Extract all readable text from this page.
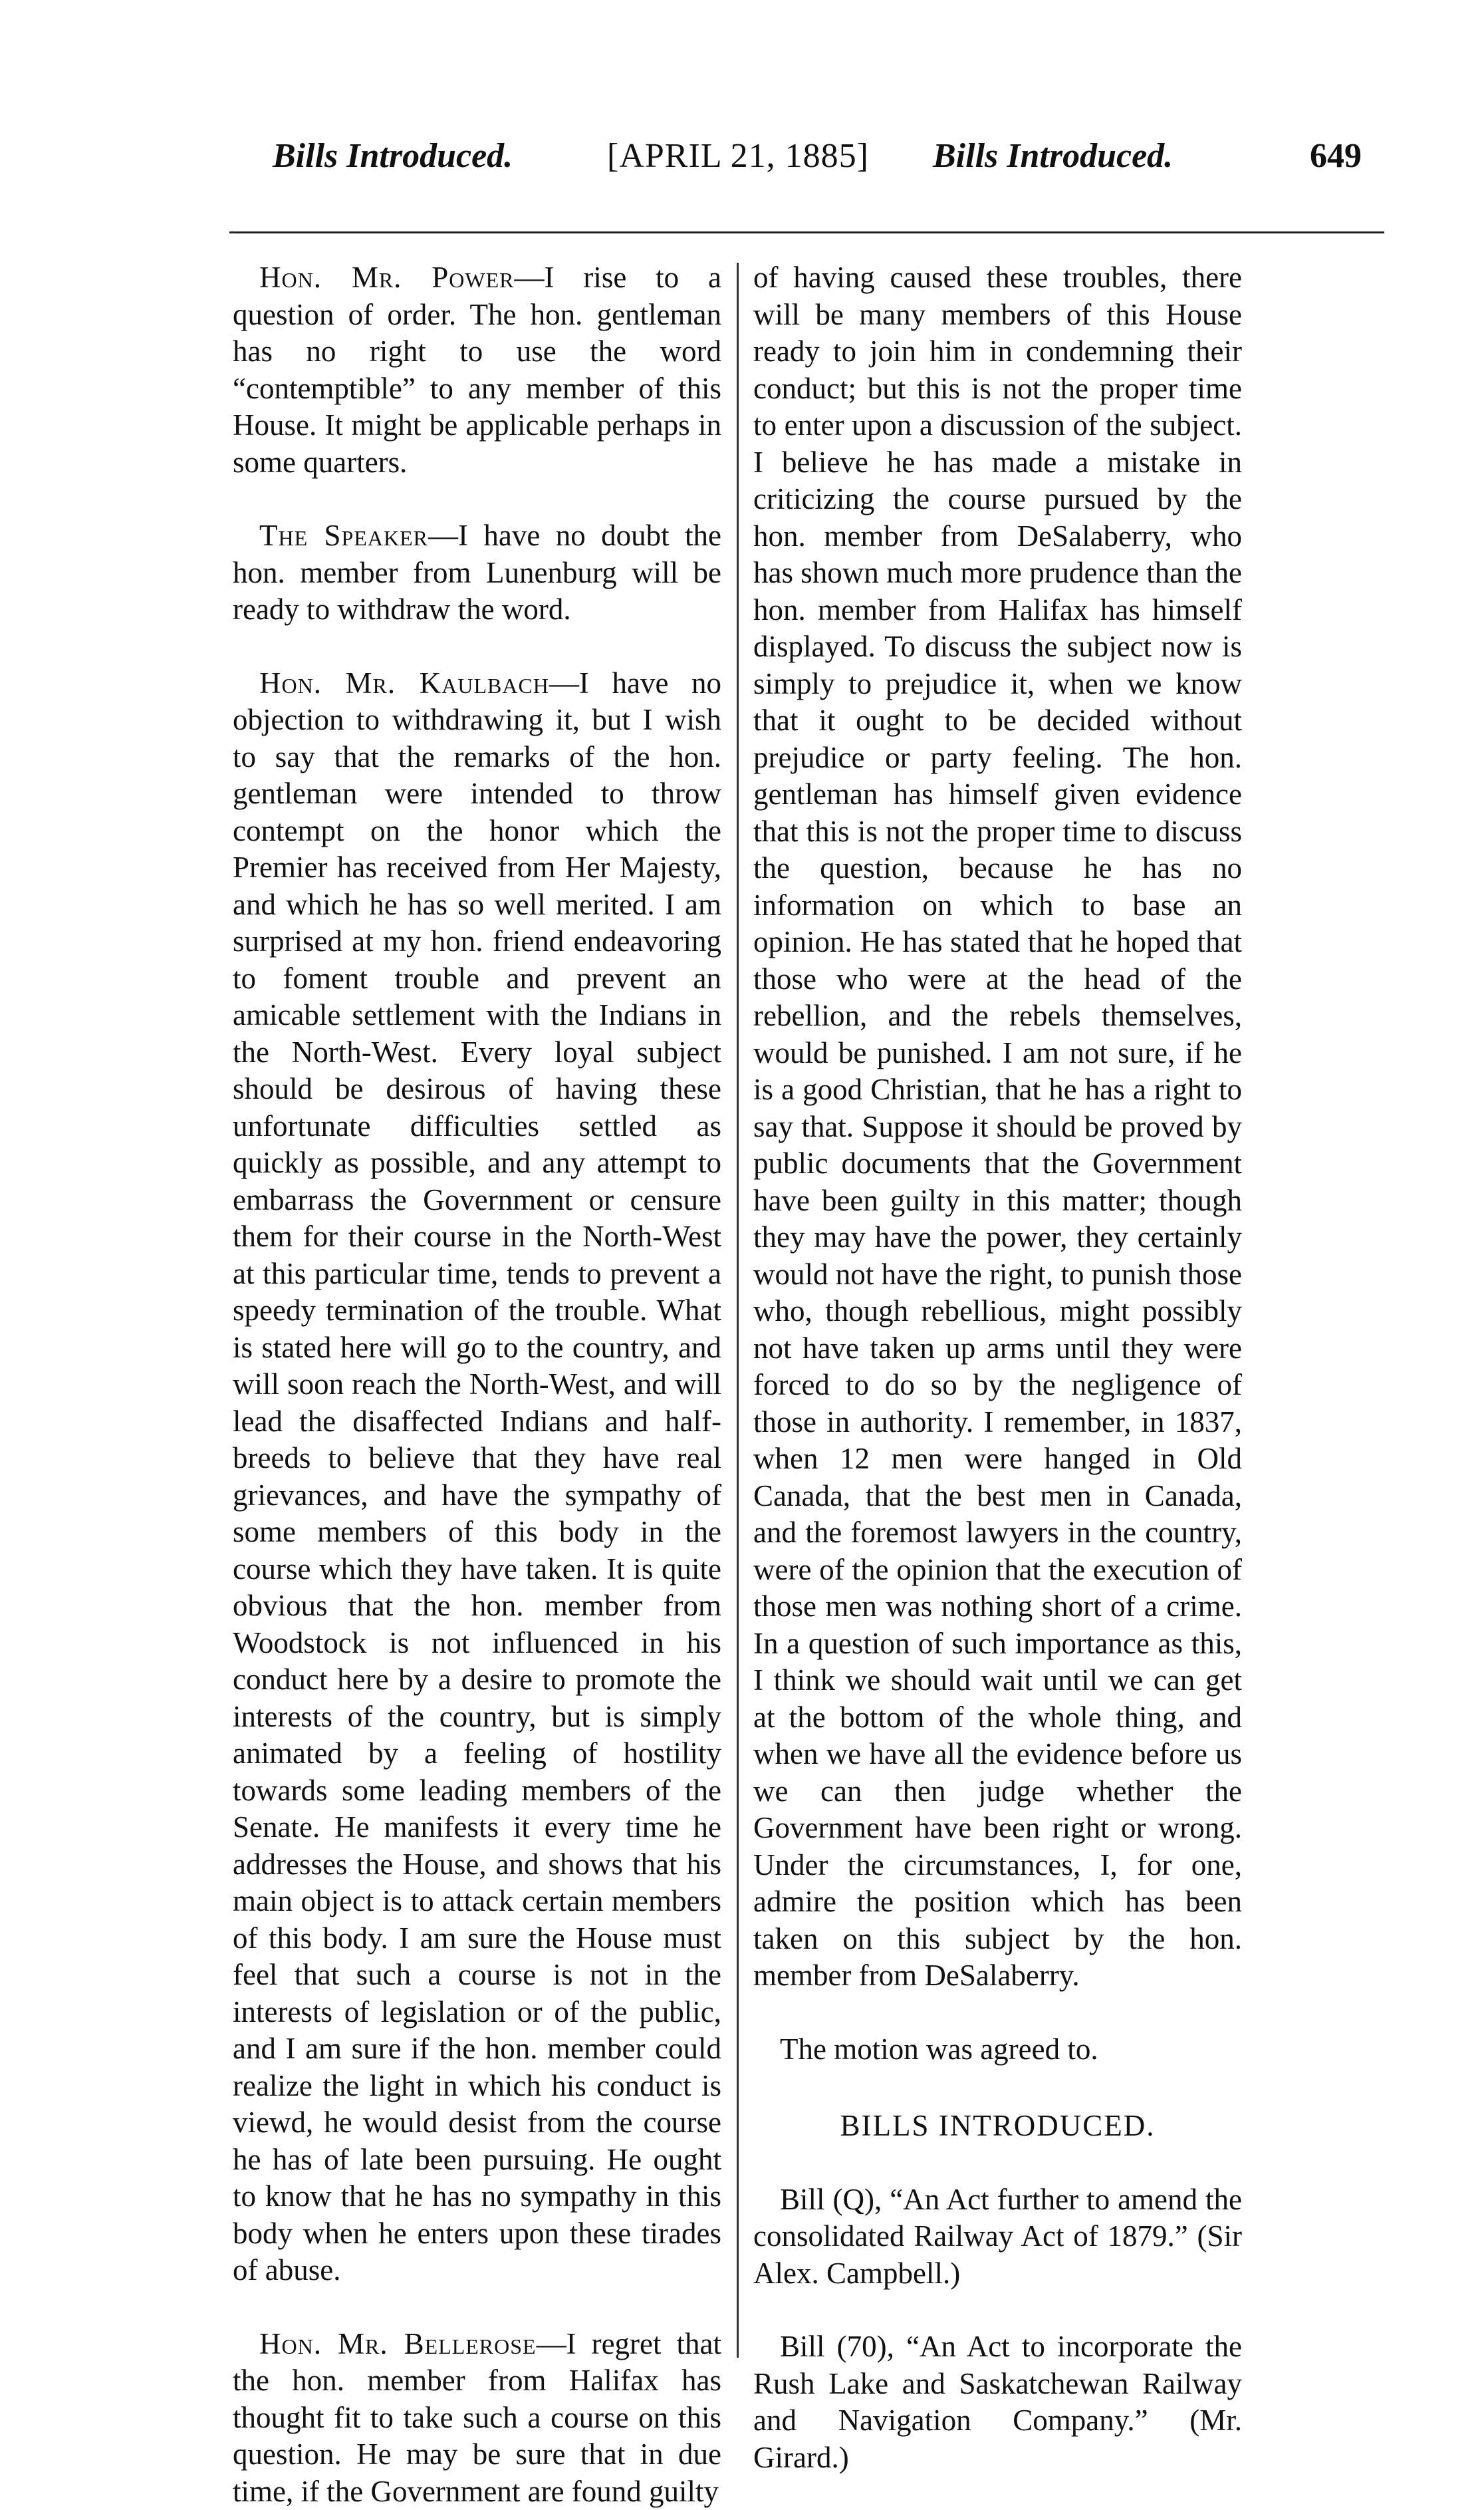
Bills Introduced.	[APRIL 21, 1885] Bills Introduced.	649

Hon. Mr. Power—I rise to a question of order. The hon. gentleman has no right to use the word “contemptible” to any member of this House. It might be applicable perhaps in some quarters.

The Speaker—I have no doubt the hon. member from Lunenburg will be ready to withdraw the word.

Hon. Mr. Kaulbach—I have no objection to withdrawing it, but I wish to say that the remarks of the hon. gentleman were intended to throw contempt on the honor which the Premier has received from Her Majesty, and which he has so well merited. I am surprised at my hon. friend endeavoring to foment trouble and prevent an amicable settlement with the Indians in the North-West. Every loyal subject should be desirous of having these unfortunate difficulties settled as quickly as possible, and any attempt to embarrass the Government or censure them for their course in the North-West at this particular time, tends to prevent a speedy termination of the trouble. What is stated here will go to the country, and will soon reach the North-West, and will lead the disaffected Indians and half-breeds to believe that they have real grievances, and have the sympathy of some members of this body in the course which they have taken. It is quite obvious that the hon. member from Woodstock is not influenced in his conduct here by a desire to promote the interests of the country, but is simply animated by a feeling of hostility towards some leading members of the Senate. He manifests it every time he addresses the House, and shows that his main object is to attack certain members of this body. I am sure the House must feel that such a course is not in the interests of legislation or of the public, and I am sure if the hon. member could realize the light in which his conduct is viewd, he would desist from the course he has of late been pursuing. He ought to know that he has no sympathy in this body when he enters upon these tirades of abuse.

Hon. Mr. Bellerose—I regret that the hon. member from Halifax has thought fit to take such a course on this question. He may be sure that in due time, if the Government are found guilty

of having caused these troubles, there will be many members of this House ready to join him in condemning their conduct; but this is not the proper time to enter upon a discussion of the subject. I believe he has made a mistake in criticizing the course pursued by the hon. member from DeSalaberry, who has shown much more prudence than the hon. member from Halifax has himself displayed. To discuss the subject now is simply to prejudice it, when we know that it ought to be decided without prejudice or party feeling. The hon. gentleman has himself given evidence that this is not the proper time to discuss the question, because he has no information on which to base an opinion. He has stated that he hoped that those who were at the head of the rebellion, and the rebels themselves, would be punished. I am not sure, if he is a good Christian, that he has a right to say that. Suppose it should be proved by public documents that the Government have been guilty in this matter; though they may have the power, they certainly would not have the right, to punish those who, though rebellious, might possibly not have taken up arms until they were forced to do so by the negligence of those in authority. I remember, in 1837, when 12 men were hanged in Old Canada, that the best men in Canada, and the foremost lawyers in the country, were of the opinion that the execution of those men was nothing short of a crime. In a question of such importance as this, I think we should wait until we can get at the bottom of the whole thing, and when we have all the evidence before us we can then judge whether the Government have been right or wrong. Under the circumstances, I, for one, admire the position which has been taken on this subject by the hon. member from DeSalaberry.

The motion was agreed to.

BILLS INTRODUCED.

Bill (Q), “An Act further to amend the consolidated Railway Act of 1879.” (Sir Alex. Campbell.)

Bill (70), “An Act to incorporate the Rush Lake and Saskatchewan Railway and Navigation Company.” (Mr. Girard.)
